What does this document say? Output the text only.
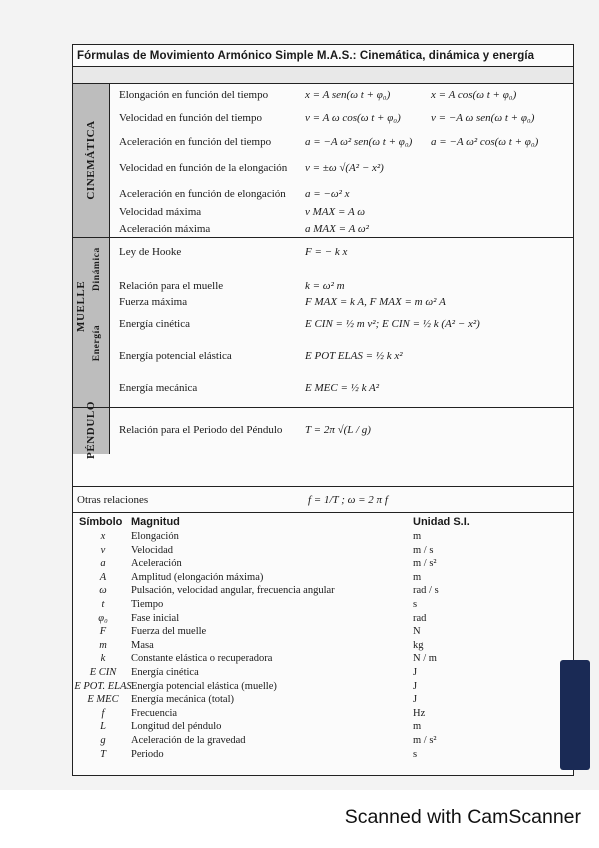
Fórmulas de Movimiento Armónico Simple M.A.S.: Cinemática, dinámica y energía
CINEMÁTICA
Elongación en función del tiempo	x = A sen(ω t + φ₀)	x = A cos(ω t + φ₀)
Velocidad en función del tiempo	v = A ω cos(ω t + φ₀)	v = −A ω sen(ω t + φ₀)
Aceleración en función del tiempo	a = −A ω² sen(ω t + φ₀) a = −A ω² cos(ω t + φ₀)
Velocidad en función de la elongación v = ±ω √(A² − x²)
Aceleración en función de elongación a = −ω² x
Velocidad máxima	v MAX = A ω
Aceleración máxima	a MAX = A ω²
MUELLE
Dinámica
Energía
Ley de Hooke	F = − k x
Relación para el muelle	k = ω² m
Fuerza máxima	F MAX = k A, F MAX = m ω² A
Energía cinética	E CIN = ½ m v²; E CIN = ½ k (A² − x²)
Energía potencial elástica	E POT ELAS = ½ k x²
Energía mecánica	E MEC = ½ k A²
PÉNDULO Relación para el Periodo del Péndulo T = 2π √(L / g)
Otras relaciones	f = 1/T ; ω = 2 π f
Símbolo Magnitud	Unidad S.I.
x	Elongación	m
v	Velocidad	m / s
a	Aceleración	m / s²
A	Amplitud (elongación máxima)	m
ω	Pulsación, velocidad angular, frecuencia angular	rad / s
t	Tiempo	s
φ₀	Fase inicial	rad
F	Fuerza del muelle	N
m	Masa	kg
k	Constante elástica o recuperadora	N / m
E CIN	Energía cinética	J
E POT. ELAS Energía potencial elástica (muelle)	J
E MEC	Energía mecánica (total)	J
f	Frecuencia	Hz
L	Longitud del péndulo	m
g	Aceleración de la gravedad	m / s²
T	Periodo	s
Scanned with CamScanner
